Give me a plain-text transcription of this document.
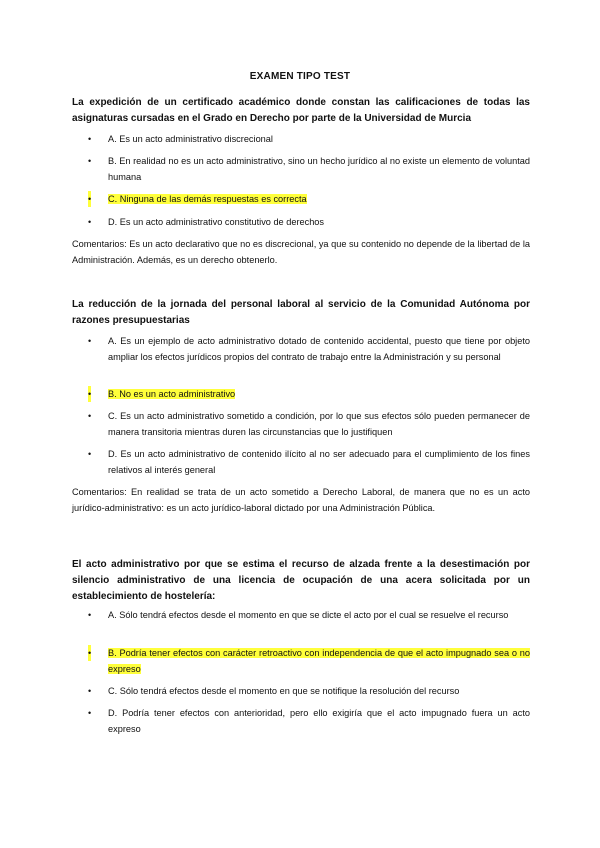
EXAMEN TIPO TEST
La expedición de un certificado académico donde constan las calificaciones de todas las asignaturas cursadas en el Grado en Derecho por parte de la Universidad de Murcia
• A. Es un acto administrativo discrecional
• B. En realidad no es un acto administrativo, sino un hecho jurídico al no existe un elemento de voluntad humana
• C. Ninguna de las demás respuestas es correcta
• D. Es un acto administrativo constitutivo de derechos
Comentarios: Es un acto declarativo que no es discrecional, ya que su contenido no depende de la libertad de la Administración. Además, es un derecho obtenerlo.
La reducción de la jornada del personal laboral al servicio de la Comunidad Autónoma por razones presupuestarias
• A. Es un ejemplo de acto administrativo dotado de contenido accidental, puesto que tiene por objeto ampliar los efectos jurídicos propios del contrato de trabajo entre la Administración y su personal
• B. No es un acto administrativo
• C. Es un acto administrativo sometido a condición, por lo que sus efectos sólo pueden permanecer de manera transitoria mientras duren las circunstancias que lo justifiquen
• D. Es un acto administrativo de contenido ilícito al no ser adecuado para el cumplimiento de los fines relativos al interés general
Comentarios: En realidad se trata de un acto sometido a Derecho Laboral, de manera que no es un acto jurídico-administrativo: es un acto jurídico-laboral dictado por una Administración Pública.
El acto administrativo por que se estima el recurso de alzada frente a la desestimación por silencio administrativo de una licencia de ocupación de una acera solicitada por un establecimiento de hostelería:
• A. Sólo tendrá efectos desde el momento en que se dicte el acto por el cual se resuelve el recurso
• B. Podría tener efectos con carácter retroactivo con independencia de que el acto impugnado sea o no expreso
• C. Sólo tendrá efectos desde el momento en que se notifique la resolución del recurso
• D. Podría tener efectos con anterioridad, pero ello exigiría que el acto impugnado fuera un acto expreso
